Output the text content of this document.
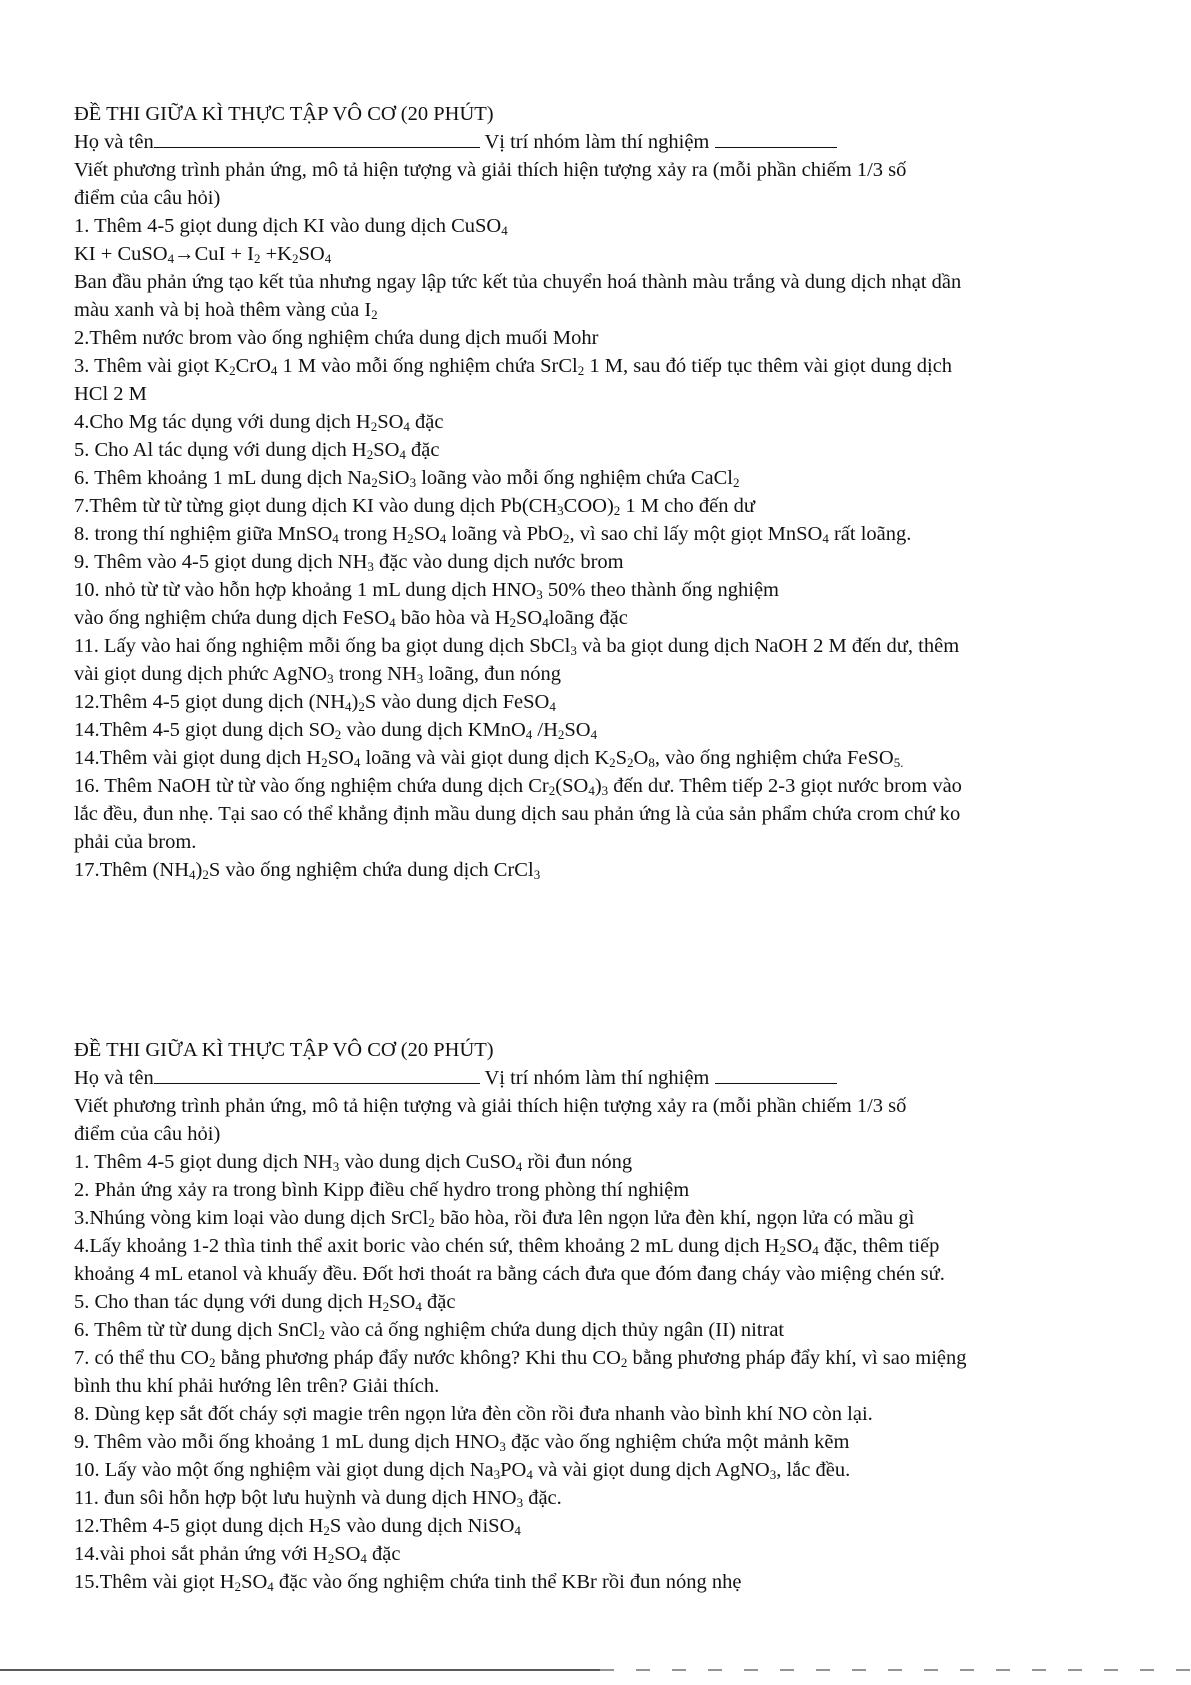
ĐỀ THI GIỮA KÌ THỰC TẬP VÔ CƠ (20 PHÚT)
Họ và tên	Vị trí nhóm làm thí nghiệm
Viết phương trình phản ứng, mô tả hiện tượng và giải thích hiện tượng xảy ra (mỗi phần chiếm 1/3 số
điểm của câu hỏi)
1. Thêm 4-5 giọt dung dịch KI vào dung dịch CuSO$_4$
KI + CuSO$_4$→CuI + $I_2 +K_2SO_4$
Ban đầu phản ứng tạo kết tủa nhưng ngay lập tức kết tủa chuyển hoá thành màu trắng và dung dịch nhạt dần
màu xanh và bị hoà thêm vàng của $I_2$
2.Thêm nước brom vào ống nghiệm chứa dung dịch muối Mohr
3. Thêm vài giọt $K_2CrO_4$ 1 M vào mỗi ống nghiệm chứa SrCl$_2$ 1 M, sau đó tiếp tục thêm vài giọt dung dịch
HCl 2 M
4.Cho Mg tác dụng với dung dịch $H_2SO_4$ đặc
5. Cho Al tác dụng với dung dịch $H_2SO_4$ đặc
6. Thêm khoảng 1 mL dung dịch $Na_2SiO_3$ loãng vào mỗi ống nghiệm chứa CaCl$_2$
7.Thêm từ từ từng giọt dung dịch KI vào dung dịch $Pb(CH_3COO)_2$ 1 M cho đến dư
8. trong thí nghiệm giữa MnSO$_4$ trong $H_2SO_4$ loãng và PbO$_2$, vì sao chỉ lấy một giọt MnSO$_4$ rất loãng.
9. Thêm vào 4-5 giọt dung dịch $NH_3$ đặc vào dung dịch nước brom
10. nhỏ từ từ vào hỗn hợp khoảng 1 mL dung dịch $HNO_3$ 50% theo thành ống nghiệm
vào ống nghiệm chứa dung dịch FeSO$_4$ bão hòa và $H_2SO_4loãng$ đặc
11. Lấy vào hai ống nghiệm mỗi ống ba giọt dung dịch SbCl$_3$ và ba giọt dung dịch NaOH 2 M đến dư, thêm
vài giọt dung dịch phức AgNO$_3$ trong $NH_3$ loãng, đun nóng
12.Thêm 4-5 giọt dung dịch $(NH_4)_2S$ vào dung dịch FeSO$_4$
14.Thêm 4-5 giọt dung dịch $SO_2$ vào dung dịch KMnO$_4$ $/H_2SO_4$
14.Thêm vài giọt dung dịch $H_2SO_4$ loãng và vài giọt dung dịch $K_2S_2O_8$, vào ống nghiệm chứa FeSO$_{5.}$
16. Thêm NaOH từ từ vào ống nghiệm chứa dung dịch $Cr_2(SO_4)_3$ đến dư. Thêm tiếp 2-3 giọt nước brom vào
lắc đều, đun nhẹ. Tại sao có thể khẳng định mầu dung dịch sau phản ứng là của sản phẩm chứa crom chứ ko
phải của brom.
17.Thêm $(NH_4)_2S$ vào ống nghiệm chứa dung dịch CrCl$_3$
ĐỀ THI GIỮA KÌ THỰC TẬP VÔ CƠ (20 PHÚT)
Họ và tên	Vị trí nhóm làm thí nghiệm
Viết phương trình phản ứng, mô tả hiện tượng và giải thích hiện tượng xảy ra (mỗi phần chiếm 1/3 số
điểm của câu hỏi)
1. Thêm 4-5 giọt dung dịch $NH_3$ vào dung dịch CuSO$_4$ rồi đun nóng
2. Phản ứng xảy ra trong bình Kipp điều chế hydro trong phòng thí nghiệm
3.Nhúng vòng kim loại vào dung dịch SrCl$_2$ bão hòa, rồi đưa lên ngọn lửa đèn khí, ngọn lửa có mầu gì
4.Lấy khoảng 1-2 thìa tinh thể axit boric vào chén sứ, thêm khoảng 2 mL dung dịch $H_2SO_4$ đặc, thêm tiếp
khoảng 4 mL etanol và khuấy đều. Đốt hơi thoát ra bằng cách đưa que đóm đang cháy vào miệng chén sứ.
5. Cho than tác dụng với dung dịch $H_2SO_4$ đặc
6. Thêm từ từ dung dịch SnCl$_2$ vào cả ống nghiệm chứa dung dịch thủy ngân (II) nitrat
7. có thể thu $CO_2$ bằng phương pháp đẩy nước không? Khi thu $CO_2$ bằng phương pháp đẩy khí, vì sao miệng
bình thu khí phải hướng lên trên? Giải thích.
8. Dùng kẹp sắt đốt cháy sợi magie trên ngọn lửa đèn cồn rồi đưa nhanh vào bình khí NO còn lại.
9. Thêm vào mỗi ống khoảng 1 mL dung dịch $HNO_3$ đặc vào ống nghiệm chứa một mảnh kẽm
10. Lấy vào một ống nghiệm vài giọt dung dịch $Na_3PO_4$ và vài giọt dung dịch AgNO$_3$, lắc đều.
11. đun sôi hỗn hợp bột lưu huỳnh và dung dịch $HNO_3$ đặc.
12.Thêm 4-5 giọt dung dịch $H_2S$ vào dung dịch NiSO$_4$
14.vài phoi sắt phản ứng với $H_2SO_4$ đặc
15.Thêm vài giọt $H_2SO_4$ đặc vào ống nghiệm chứa tinh thể KBr rồi đun nóng nhẹ
